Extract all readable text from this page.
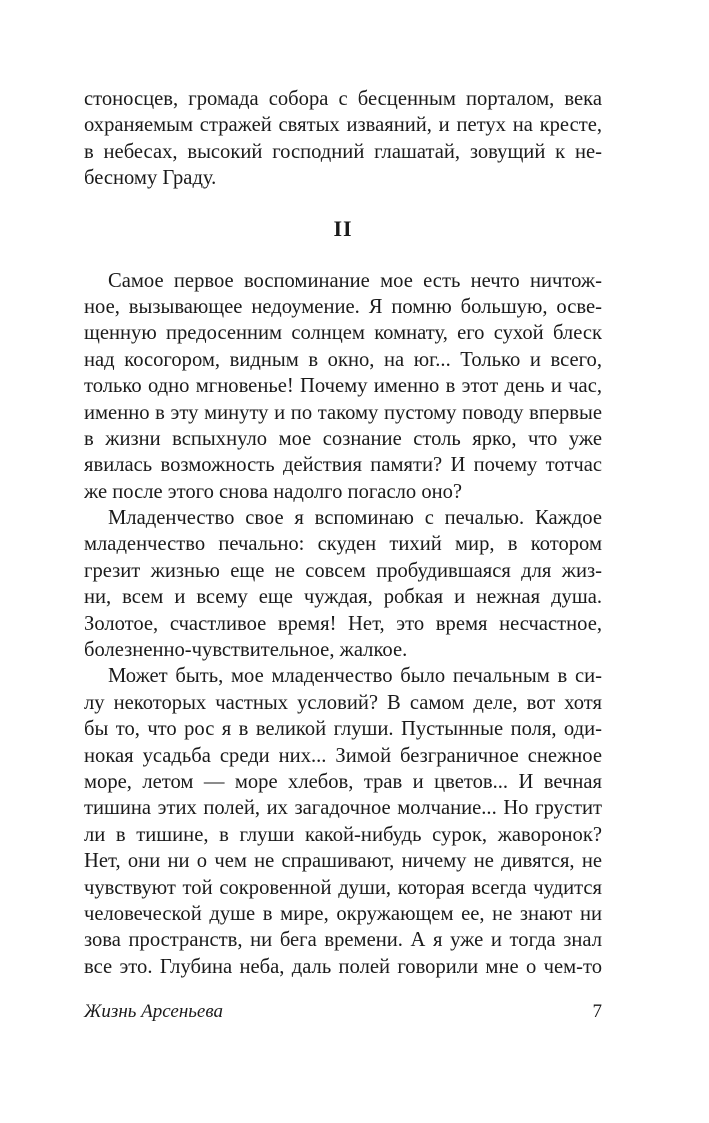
стоносцев, громада собора с бесценным порталом, века
охраняемым стражей святых изваяний, и петух на кресте,
в небесах, высокий господний глашатай, зовущий к не-
бесному Граду.
II
Самое первое воспоминание мое есть нечто ничтож-
ное, вызывающее недоумение. Я помню большую, осве-
щенную предосенним солнцем комнату, его сухой блеск
над косогором, видным в окно, на юг... Только и всего,
только одно мгновенье! Почему именно в этот день и час,
именно в эту минуту и по такому пустому поводу впервые
в жизни вспыхнуло мое сознание столь ярко, что уже
явилась возможность действия памяти? И почему тотчас
же после этого снова надолго погасло оно?
Младенчество свое я вспоминаю с печалью. Каждое
младенчество печально: скуден тихий мир, в котором
грезит жизнью еще не совсем пробудившаяся для жиз-
ни, всем и всему еще чуждая, робкая и нежная душа.
Золотое, счастливое время! Нет, это время несчастное,
болезненно-чувствительное, жалкое.
Может быть, мое младенчество было печальным в си-
лу некоторых частных условий? В самом деле, вот хотя
бы то, что рос я в великой глуши. Пустынные поля, оди-
нокая усадьба среди них... Зимой безграничное снежное
море, летом — море хлебов, трав и цветов... И вечная
тишина этих полей, их загадочное молчание... Но грустит
ли в тишине, в глуши какой-нибудь сурок, жаворонок?
Нет, они ни о чем не спрашивают, ничему не дивятся, не
чувствуют той сокровенной души, которая всегда чудится
человеческой душе в мире, окружающем ее, не знают ни
зова пространств, ни бега времени. А я уже и тогда знал
все это. Глубина неба, даль полей говорили мне о чем-то
Жизнь Арсеньева	7
